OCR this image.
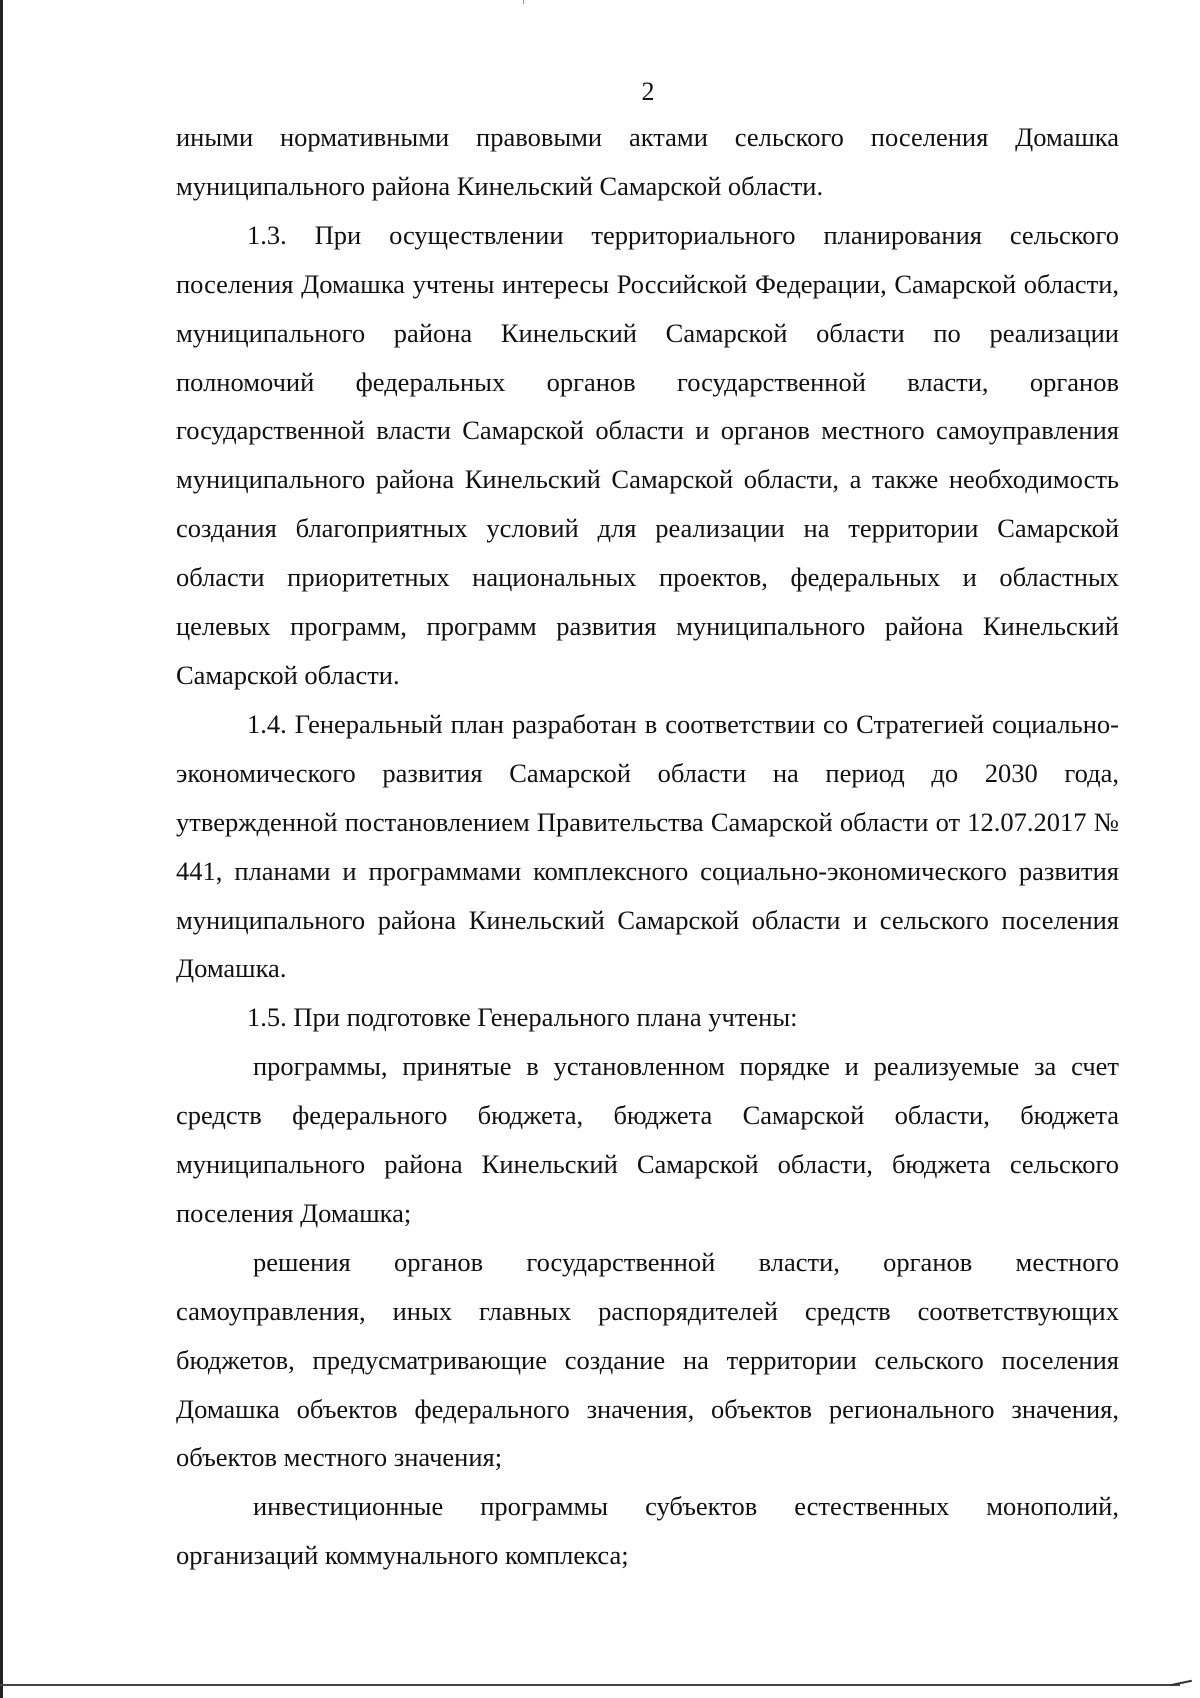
2

иными нормативными правовыми актами сельского поселения Домашка муниципального района Кинельский Самарской области.

1.3. При осуществлении территориального планирования сельского поселения Домашка учтены интересы Российской Федерации, Самарской области, муниципального района Кинельский Самарской области по реализации полномочий федеральных органов государственной власти, органов государственной власти Самарской области и органов местного самоуправления муниципального района Кинельский Самарской области, а также необходимость создания благоприятных условий для реализации на территории Самарской области приоритетных национальных проектов, федеральных и областных целевых программ, программ развития муниципального района Кинельский Самарской области.

1.4. Генеральный план разработан в соответствии со Стратегией социально-экономического развития Самарской области на период до 2030 года, утвержденной постановлением Правительства Самарской области от 12.07.2017 № 441, планами и программами комплексного социально-экономического развития муниципального района Кинельский Самарской области и сельского поселения Домашка.

1.5. При подготовке Генерального плана учтены:

программы, принятые в установленном порядке и реализуемые за счет средств федерального бюджета, бюджета Самарской области, бюджета муниципального района Кинельский Самарской области, бюджета сельского поселения Домашка;

решения органов государственной власти, органов местного самоуправления, иных главных распорядителей средств соответствующих бюджетов, предусматривающие создание на территории сельского поселения Домашка объектов федерального значения, объектов регионального значения, объектов местного значения;

инвестиционные программы субъектов естественных монополий, организаций коммунального комплекса;
